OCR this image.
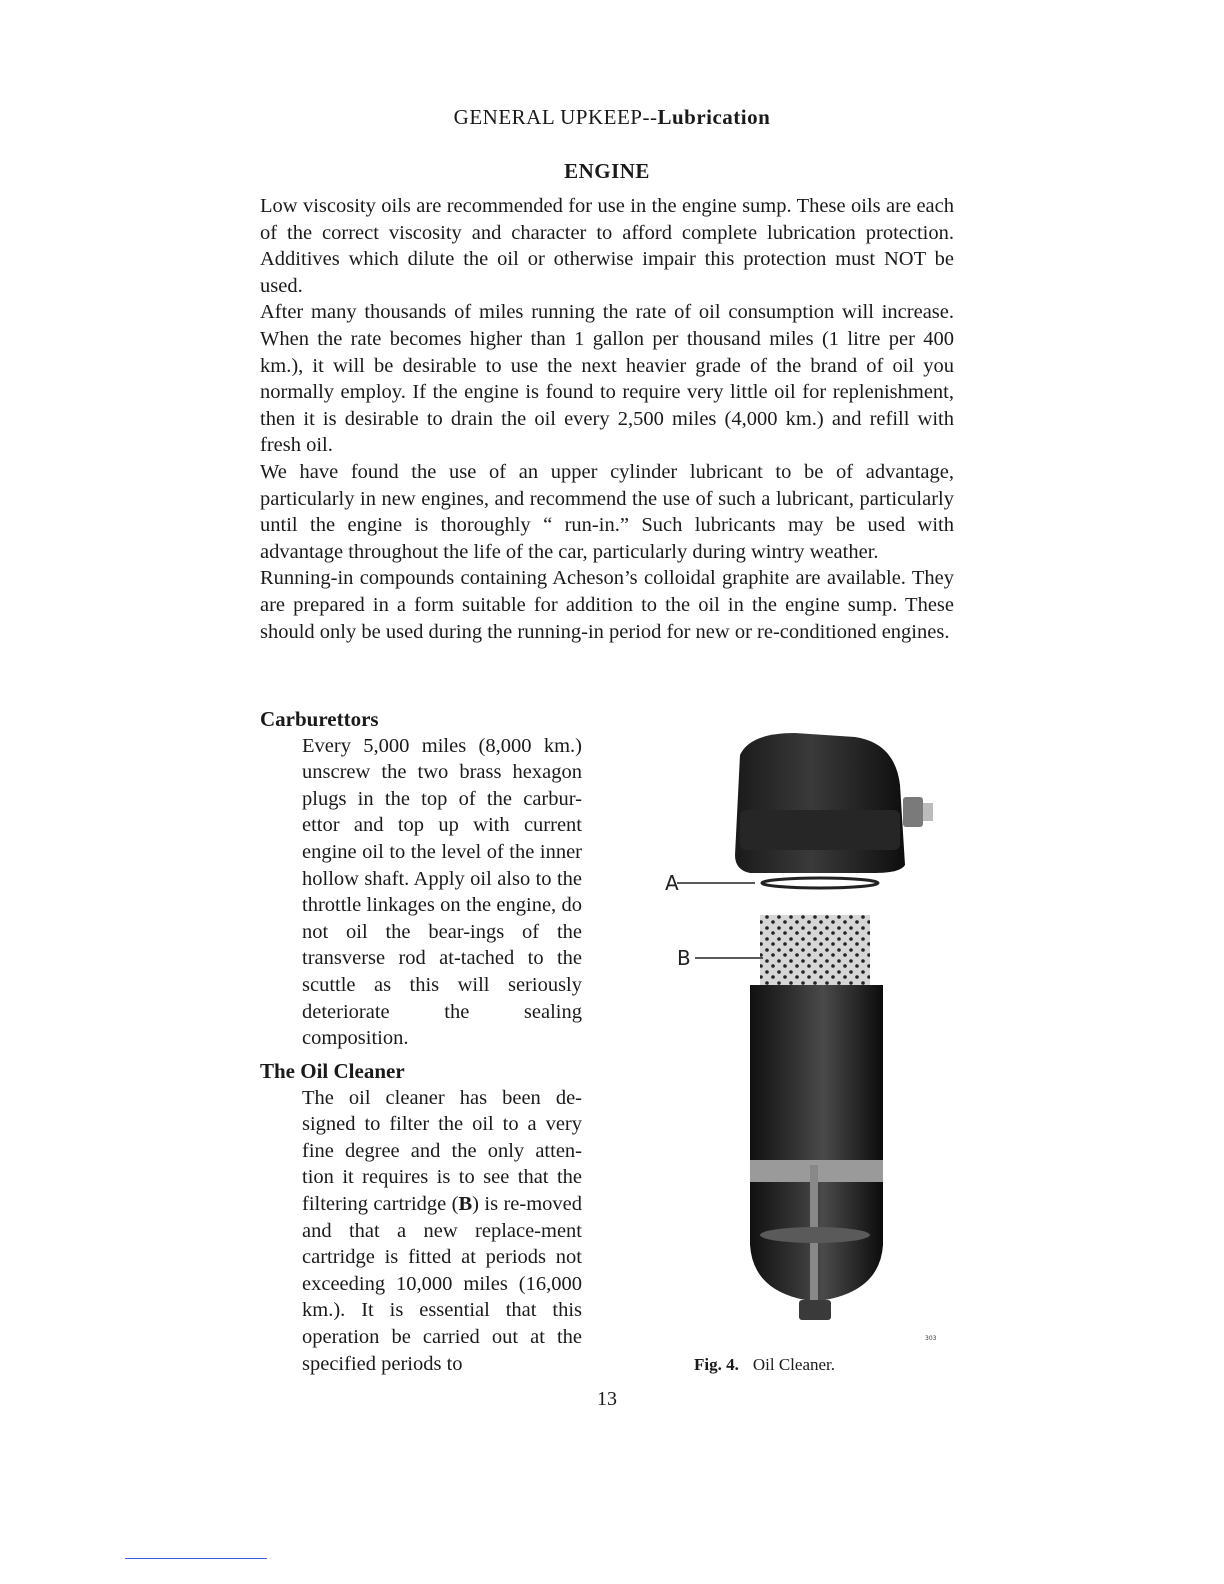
GENERAL UPKEEP--Lubrication
ENGINE

Low viscosity oils are recommended for use in the engine sump. These oils are each of the correct viscosity and character to afford complete lubrication protection. Additives which dilute the oil or otherwise impair this protection must NOT be used.

After many thousands of miles running the rate of oil consumption will increase. When the rate becomes higher than 1 gallon per thousand miles (1 litre per 400 km.), it will be desirable to use the next heavier grade of the brand of oil you normally employ. If the engine is found to require very little oil for replenishment, then it is desirable to drain the oil every 2,500 miles (4,000 km.) and refill with fresh oil.

We have found the use of an upper cylinder lubricant to be of advantage, particularly in new engines, and recommend the use of such a lubricant, particularly until the engine is thoroughly “ run-in.” Such lubricants may be used with advantage throughout the life of the car, particularly during wintry weather.

Running-in compounds containing Acheson’s colloidal graphite are available. They are prepared in a form suitable for addition to the oil in the engine sump. These should only be used during the running-in period for new or re-conditioned engines.

Carburettors

Every 5,000 miles (8,000 km.) unscrew the two brass hexagon plugs in the top of the carbur-ettor and top up with current engine oil to the level of the inner hollow shaft. Apply oil also to the throttle linkages on the engine, do not oil the bear-ings of the transverse rod at-tached to the scuttle as this will seriously deteriorate the sealing composition.

The Oil Cleaner

The oil cleaner has been de-signed to filter the oil to a very fine degree and the only atten-tion it requires is to see that the filtering cartridge (B) is re-moved and that a new replace-ment cartridge is fitted at periods not exceeding 10,000 miles (16,000 km.). It is essential that this operation be carried out at the specified periods to

A
B
303
Fig. 4. Oil Cleaner.
13
